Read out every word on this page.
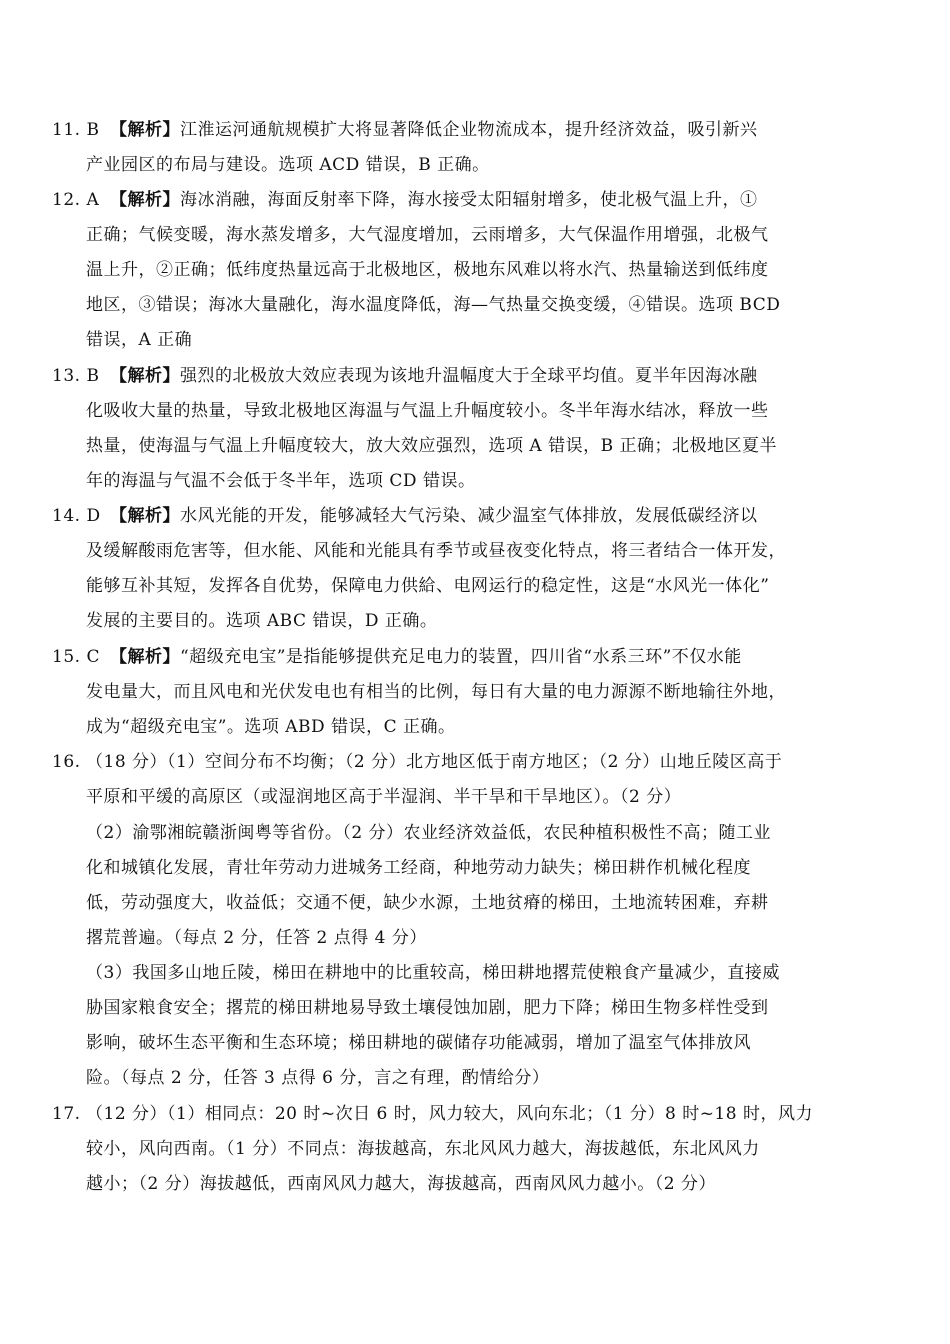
11. B 【解析】江淮运河通航规模扩大将显著降低企业物流成本，提升经济效益，吸引新兴
产业园区的布局与建设。选项 ACD 错误，B 正确。
12. A 【解析】海冰消融，海面反射率下降，海水接受太阳辐射增多，使北极气温上升，①
正确；气候变暖，海水蒸发增多，大气湿度增加，云雨增多，大气保温作用增强，北极气
温上升，②正确；低纬度热量远高于北极地区，极地东风难以将水汽、热量输送到低纬度
地区，③错误；海冰大量融化，海水温度降低，海—气热量交换变缓，④错误。选项 BCD
错误，A 正确
13. B 【解析】强烈的北极放大效应表现为该地升温幅度大于全球平均值。夏半年因海冰融
化吸收大量的热量，导致北极地区海温与气温上升幅度较小。冬半年海水结冰，释放一些
热量，使海温与气温上升幅度较大，放大效应强烈，选项 A 错误，B 正确；北极地区夏半
年的海温与气温不会低于冬半年，选项 CD 错误。
14. D 【解析】水风光能的开发，能够减轻大气污染、减少温室气体排放，发展低碳经济以
及缓解酸雨危害等，但水能、风能和光能具有季节或昼夜变化特点，将三者结合一体开发，
能够互补其短，发挥各自优势，保障电力供給、电网运行的稳定性，这是“水风光一体化”
发展的主要目的。选项 ABC 错误，D 正确。
15. C 【解析】“超级充电宝”是指能够提供充足电力的装置，四川省“水系三环”不仅水能
发电量大，而且风电和光伏发电也有相当的比例，每日有大量的电力源源不断地输往外地，
成为“超级充电宝”。选项 ABD 错误，C 正确。
16. （18 分）（1）空间分布不均衡；（2 分）北方地区低于南方地区；（2 分）山地丘陵区高于
平原和平缓的高原区（或湿润地区高于半湿润、半干旱和干旱地区）。（2 分）
（2）渝鄂湘皖赣浙闽粤等省份。（2 分）农业经济效益低，农民种植积极性不高；随工业
化和城镇化发展，青壮年劳动力进城务工经商，种地劳动力缺失；梯田耕作机械化程度
低，劳动强度大，收益低；交通不便，缺少水源，土地贫瘠的梯田，土地流转困难，弃耕
撂荒普遍。（每点 2 分，任答 2 点得 4 分）
（3）我国多山地丘陵，梯田在耕地中的比重较高，梯田耕地撂荒使粮食产量减少，直接威
胁国家粮食安全；撂荒的梯田耕地易导致土壤侵蚀加剧，肥力下降；梯田生物多样性受到
影响，破坏生态平衡和生态环境；梯田耕地的碳储存功能减弱，增加了温室气体排放风
险。（每点 2 分，任答 3 点得 6 分，言之有理，酌情给分）
17. （12 分）（1）相同点：20 时~次日 6 时，风力较大，风向东北；（1 分）8 时~18 时，风力
较小，风向西南。（1 分）不同点：海拔越高，东北风风力越大，海拔越低，东北风风力
越小；（2 分）海拔越低，西南风风力越大，海拔越高，西南风风力越小。（2 分）
